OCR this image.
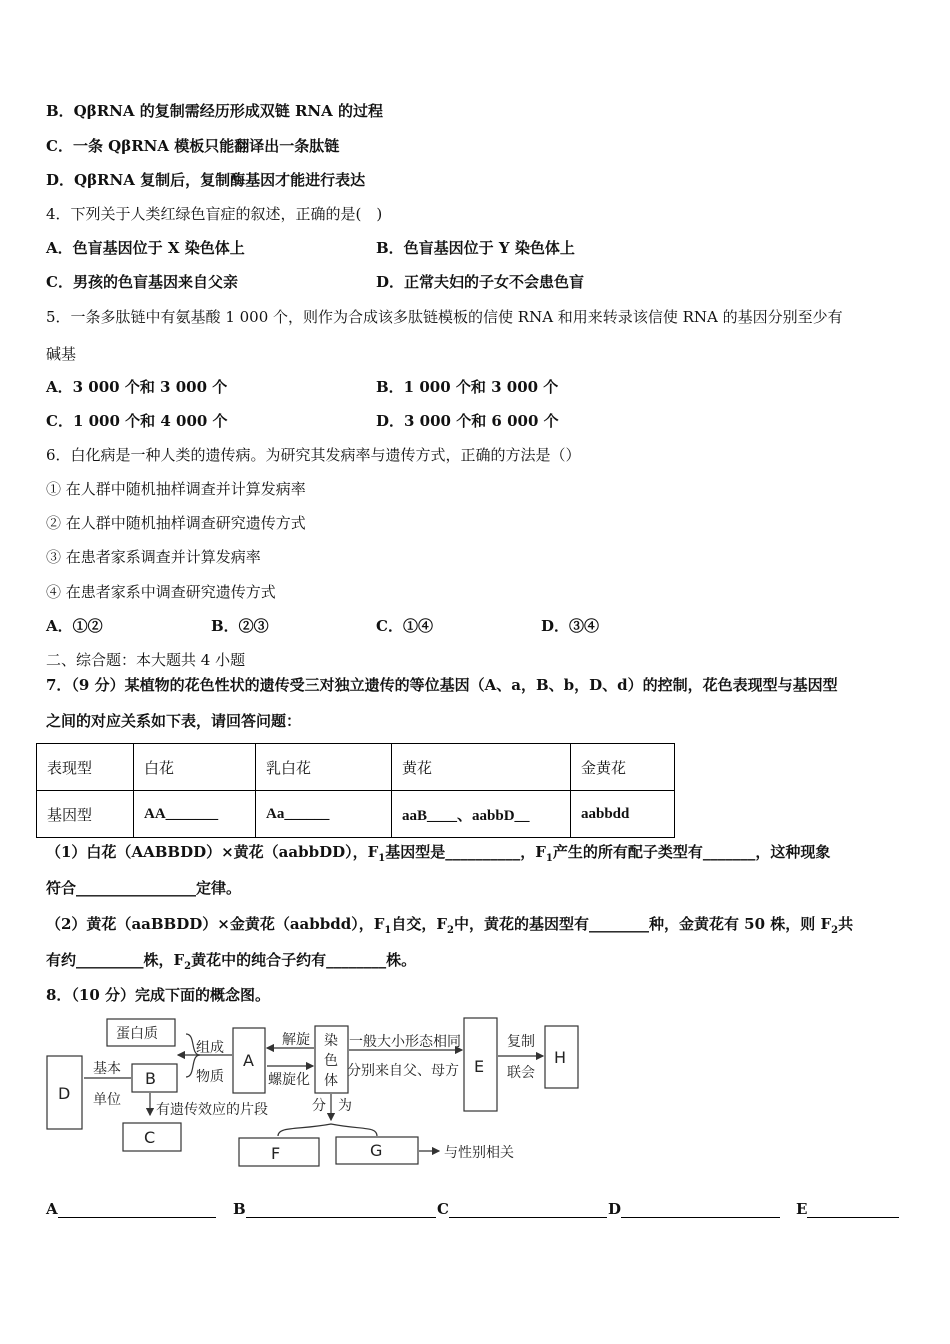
B．QβRNA 的复制需经历形成双链 RNA 的过程
C．一条 QβRNA 模板只能翻译出一条肽链
D．QβRNA 复制后，复制酶基因才能进行表达
4．下列关于人类红绿色盲症的叙述，正确的是(　)
A．色盲基因位于 X 染色体上	B．色盲基因位于 Y 染色体上
C．男孩的色盲基因来自父亲	D．正常夫妇的子女不会患色盲
5．一条多肽链中有氨基酸 1 000 个，则作为合成该多肽链模板的信使 RNA 和用来转录该信使 RNA 的基因分别至少有
碱基
A．3 000 个和 3 000 个	B．1 000 个和 3 000 个
C．1 000 个和 4 000 个	D．3 000 个和 6 000 个
6．白化病是一种人类的遗传病。为研究其发病率与遗传方式，正确的方法是（）
① 在人群中随机抽样调查并计算发病率
② 在人群中随机抽样调查研究遗传方式
③ 在患者家系调查并计算发病率
④ 在患者家系中调查研究遗传方式
A．①②	B．②③	C．①④	D．③④
二、综合题：本大题共 4 小题
7．（9 分）某植物的花色性状的遗传受三对独立遗传的等位基因（A、a，B、b，D、d）的控制，花色表现型与基因型
之间的对应关系如下表，请回答问题：
表现型	白花	乳白花	黄花	金黄花
基因型	AA_______	Aa______	aaB____、aabbD__	aabbdd
（1）白花（AABBDD）×黄花（aabbDD），$F_1$基因型是__________，$F_1$产生的所有配子类型有_______，这种现象
符合________________定律。
（2）黄花（aaBBDD）×金黄花（aabbdd），$F_1$自交，$F_2$中，黄花的基因型有________种，金黄花有 50 株，则 $F_2$共
有约_________株，$F_2$黄花中的纯合子约有________株。
8．（10 分）完成下面的概念图。
蛋白质
组成
物质
A
B
C
D
E
F	G
H
解旋
螺旋化
染
色
体
一般大小形态相同
分别来自父、母方
复制
联会
基本
单位
有遗传效应的片段	分 为
与性别相关
A	B	C	D	E
